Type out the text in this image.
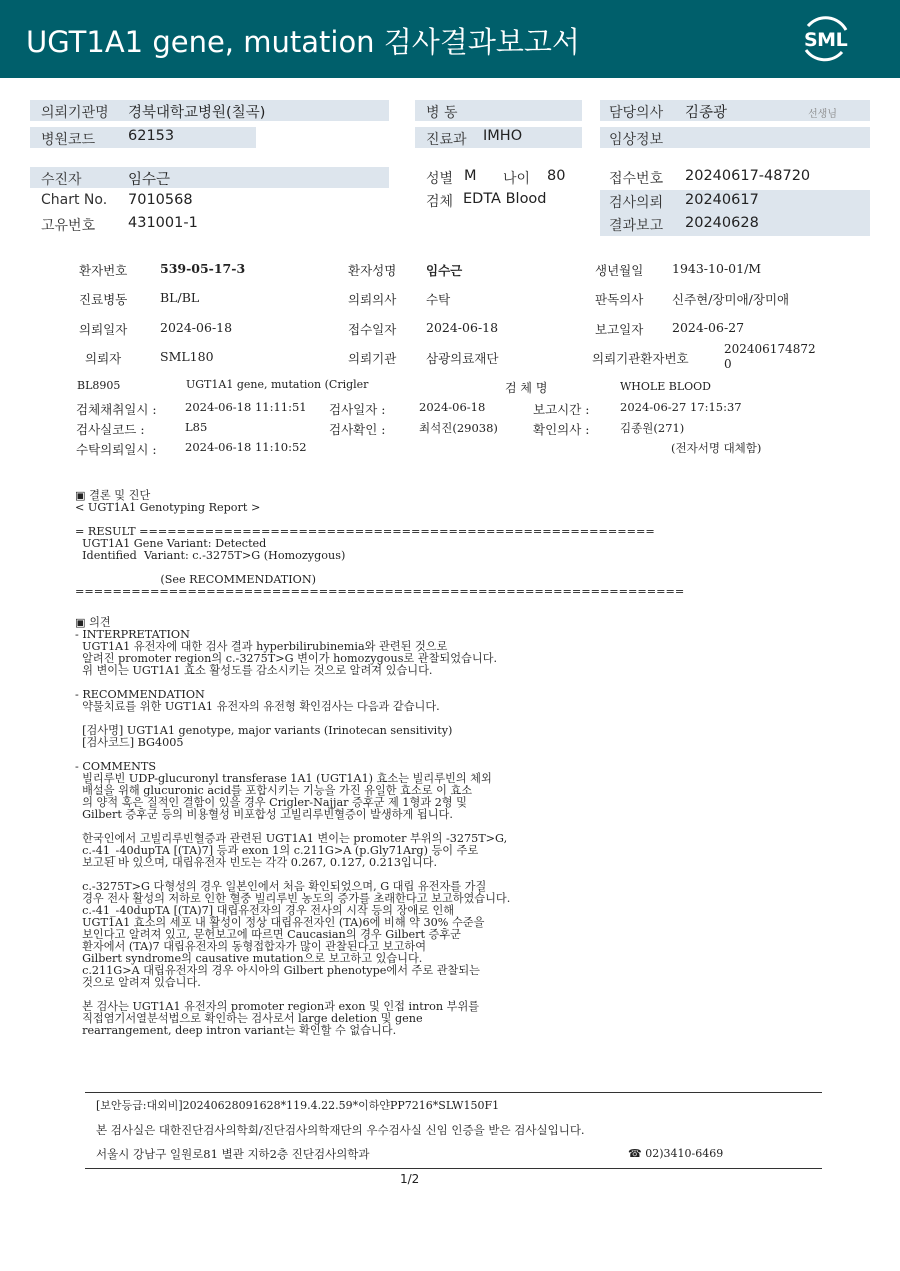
UGT1A1 gene, mutation 검사결과보고서	SML
의뢰기관명 경북대학교병원(칠곡)	병 동	담당의사 김종광	선생님
병원코드 62153	진료과 IMHO	임상정보
수진자	임수근	성별 M 나이 80	접수번호 20240617-48720
Chart No. 7010568	검체 EDTA Blood	검사의뢰 20240617
고유번호 431001-1	결과보고 20240628
환자번호	539-05-17-3	환자성명 임수근	생년월일 1943-10-01/M
진료병동	BL/BL	의뢰의사 수탁	판독의사 신주현/장미애/장미애
의뢰일자	2024-06-18	접수일자 2024-06-18	보고일자 2024-06-27
의뢰자	SML180	의뢰기관 삼광의료재단	의뢰기관환자번호
202406174872
0
BL8905	UGT1A1 gene, mutation (Crigler	검 체 명	WHOLE BLOOD
검체채취일시 : 2024-06-18 11:11:51 검사일자 :	2024-06-18	보고시간 :	2024-06-27 17:15:37
검사실코드 :	L85	검사확인 :	최석진(29038)	확인의사 :	김종원(271)
수탁의뢰일시 : 2024-06-18 11:10:52	(전자서명 대체함)
▣ 결론 및 진단
< UGT1A1 Genotyping Report >

= RESULT =======================================================
UGT1A1 Gene Variant: Detected
Identified  Variant: c.-3275T>G (Homozygous)

(See RECOMMENDATION)
=================================================================
▣ 의견
- INTERPRETATION
UGT1A1 유전자에 대한 검사 결과 hyperbilirubinemia와 관련된 것으로
알려진 promoter region의 c.-3275T>G 변이가 homozygous로 관찰되었습니다.
위 변이는 UGT1A1 효소 활성도를 감소시키는 것으로 알려져 있습니다.

- RECOMMENDATION
약물치료를 위한 UGT1A1 유전자의 유전형 확인검사는 다음과 같습니다.

[검사명] UGT1A1 genotype, major variants (Irinotecan sensitivity)
[검사코드] BG4005

- COMMENTS
빌리루빈 UDP-glucuronyl transferase 1A1 (UGT1A1) 효소는 빌리루빈의 체외
배설을 위해 glucuronic acid를 포합시키는 기능을 가진 유일한 효소로 이 효소
의 양적 혹은 질적인 결함이 있을 경우 Crigler-Najjar 증후군 제 1형과 2형 및
Gilbert 증후군 등의 비용혈성 비포합성 고빌리루빈혈증이 발생하게 됩니다.

한국인에서 고빌리루빈혈증과 관련된 UGT1A1 변이는 promoter 부위의 -3275T>G,
c.-41_-40dupTA [(TA)7] 등과 exon 1의 c.211G>A (p.Gly71Arg) 등이 주로
보고된 바 있으며, 대립유전자 빈도는 각각 0.267, 0.127, 0.213입니다.

c.-3275T>G 다형성의 경우 일본인에서 처음 확인되었으며, G 대립 유전자를 가질
경우 전사 활성의 저하로 인한 혈중 빌리루빈 농도의 증가를 초래한다고 보고하였습니다.
c.-41_-40dupTA [(TA)7] 대립유전자의 경우 전사의 시작 등의 장애로 인해
UGT1A1 효소의 세포 내 활성이 정상 대립유전자인 (TA)6에 비해 약 30% 수준을
보인다고 알려져 있고, 문헌보고에 따르면 Caucasian의 경우 Gilbert 증후군
환자에서 (TA)7 대립유전자의 동형접합자가 많이 관찰된다고 보고하여
Gilbert syndrome의 causative mutation으로 보고하고 있습니다.
c.211G>A 대립유전자의 경우 아시아의 Gilbert phenotype에서 주로 관찰되는
것으로 알려져 있습니다.

본 검사는 UGT1A1 유전자의 promoter region과 exon 및 인접 intron 부위를
직접염기서열분석법으로 확인하는 검사로서 large deletion 및 gene
rearrangement, deep intron variant는 확인할 수 없습니다.
[보안등급:대외비]20240628091628*119.4.22.59*이하얀PP7216*SLW150F1
본 검사실은 대한진단검사의학회/진단검사의학재단의 우수검사실 신임 인증을 받은 검사실입니다.
서울시 강남구 일원로81 별관 지하2층 진단검사의학과	☎ 02)3410-6469
1/2
